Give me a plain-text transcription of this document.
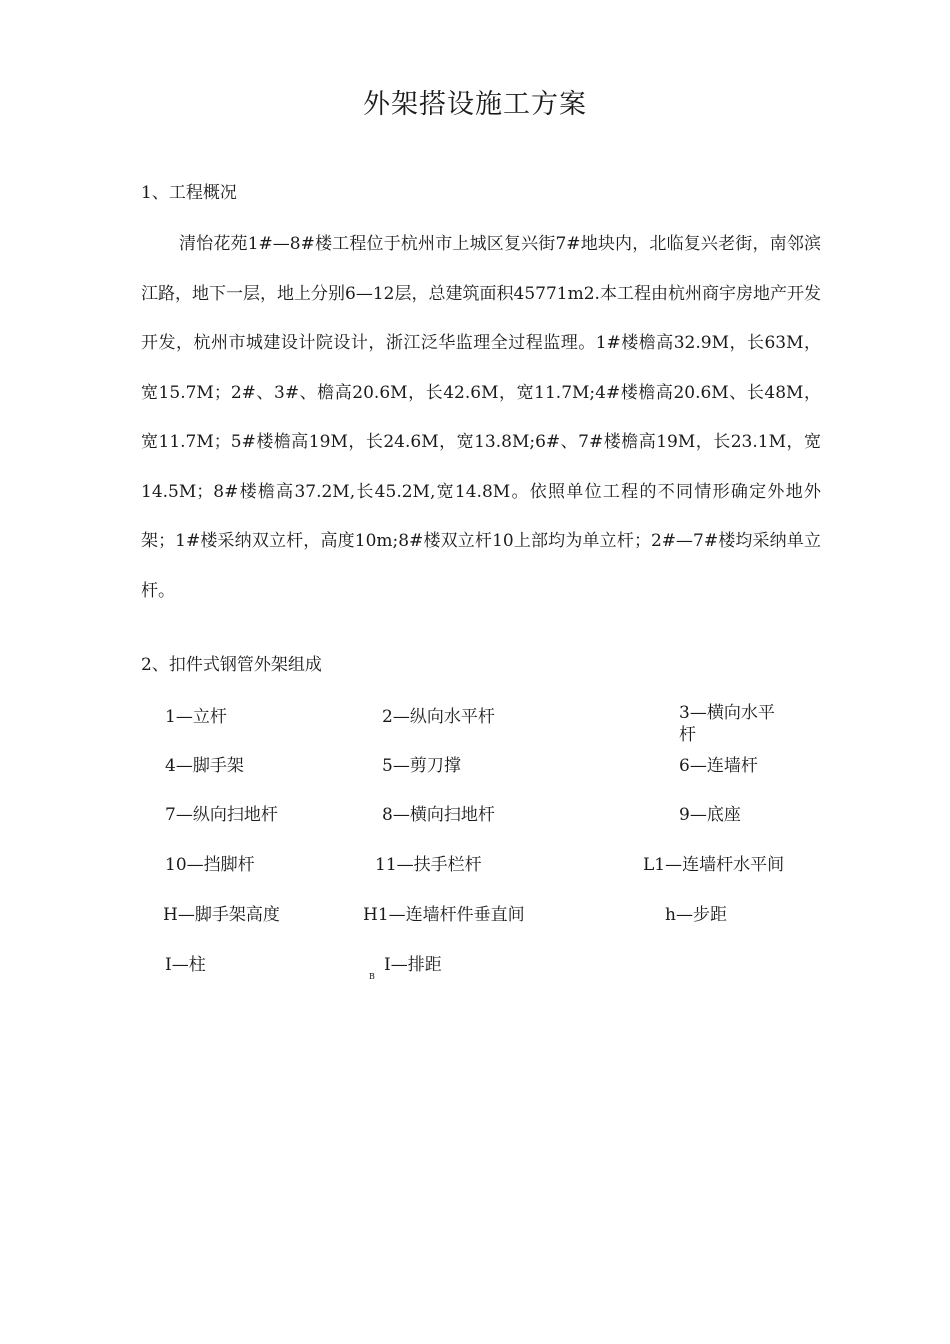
外架搭设施工方案
1、工程概况

清怡花苑1#—8#楼工程位于杭州市上城区复兴街7#地块内，北临复兴老街，南邻滨江路，地下一层，地上分别6—12层，总建筑面积45771m2.本工程由杭州商宇房地产开发开发，杭州市城建设计院设计，浙江泛华监理全过程监理。1#楼檐高32.9M，长63M，宽15.7M；2#、3#、檐高20.6M，长42.6M，宽11.7M;4#楼檐高20.6M、长48M，宽11.7M；5#楼檐高19M，长24.6M，宽13.8M;6#、7#楼檐高19M，长23.1M，宽14.5M；8#楼檐高37.2M,长45.2M,宽14.8M。依照单位工程的不同情形确定外地外架；1#楼采纳双立杆，高度10m;8#楼双立杆10上部均为单立杆；2#—7#楼均采纳单立杆。

2、扣件式钢管外架组成
1—立杆	2—纵向水平杆	3—横向水平
杆
4—脚手架	5—剪刀撑	6—连墙杆
7—纵向扫地杆	8—横向扫地杆	9—底座
10—挡脚杆	11—扶手栏杆	L1—连墙杆水平间
H—脚手架高度	H1—连墙杆件垂直间	h—步距
I—柱	I—排距
B
